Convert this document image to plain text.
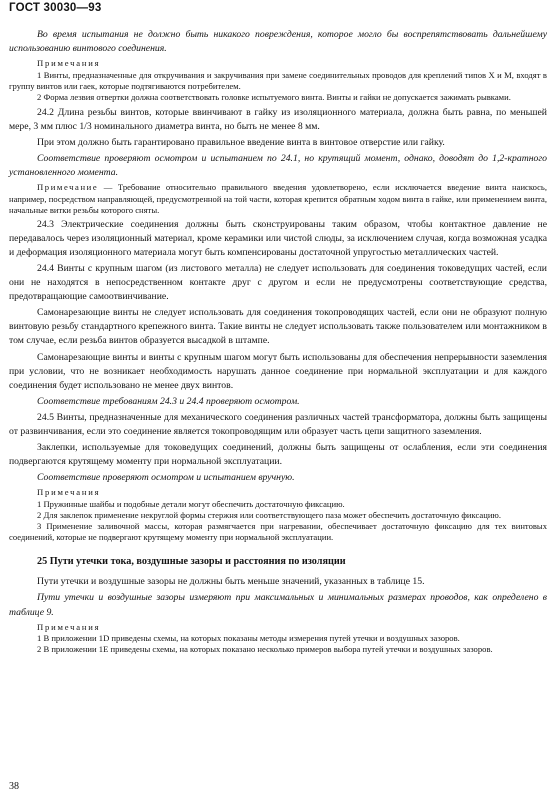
ГОСТ 30030—93

Во время испытания не должно быть никакого повреждения, которое могло бы воспрепятствовать дальнейшему использованию винтового соединения.

Примечания
1 Винты, предназначенные для откручивания и закручивания при замене соединительных проводов для креплений типов X и M, входят в группу винтов или гаек, которые подтягиваются потребителем.
2 Форма лезвия отвертки должна соответствовать головке испытуемого винта. Винты и гайки не допускается зажимать рывками.

24.2 Длина резьбы винтов, которые ввинчивают в гайку из изоляционного материала, должна быть равна, по меньшей мере, 3 мм плюс 1/3 номинального диаметра винта, но быть не менее 8 мм.

При этом должно быть гарантировано правильное введение винта в винтовое отверстие или гайку.

Соответствие проверяют осмотром и испытанием по 24.1, но крутящий момент, однако, доводят до 1,2-кратного установленного момента.

Примечание — Требование относительно правильного введения удовлетворено, если исключается введение винта наискось, например, посредством направляющей, предусмотренной на той части, которая крепится обратным ходом винта в гайке, или применением винта, начальные витки резьбы которого сняты.

24.3 Электрические соединения должны быть сконструированы таким образом, чтобы контактное давление не передавалось через изоляционный материал, кроме керамики или чистой слюды, за исключением случая, когда возможная усадка и деформация изоляционного материала могут быть компенсированы достаточной упругостью металлических частей.

24.4 Винты с крупным шагом (из листового металла) не следует использовать для соединения токоведущих частей, если они не находятся в непосредственном контакте друг с другом и если не предусмотрены соответствующие средства, предотвращающие самоотвинчивание.

Самонарезающие винты не следует использовать для соединения токопроводящих частей, если они не образуют полную винтовую резьбу стандартного крепежного винта. Такие винты не следует использовать также пользователем или монтажником в том случае, если резьба винтов образуется высадкой в штампе.

Самонарезающие винты и винты с крупным шагом могут быть использованы для обеспечения непрерывности заземления при условии, что не возникает необходимость нарушать данное соединение при нормальной эксплуатации и для каждого соединения будет использовано не менее двух винтов.

Соответствие требованиям 24.3 и 24.4 проверяют осмотром.

24.5 Винты, предназначенные для механического соединения различных частей трансформатора, должны быть защищены от развинчивания, если это соединение является токопроводящим или образует часть цепи защитного заземления.

Заклепки, используемые для токоведущих соединений, должны быть защищены от ослабления, если эти соединения подвергаются крутящему моменту при нормальной эксплуатации.

Соответствие проверяют осмотром и испытанием вручную.

Примечания
1 Пружинные шайбы и подобные детали могут обеспечить достаточную фиксацию.
2 Для заклепок применение некруглой формы стержня или соответствующего паза может обеспечить достаточную фиксацию.
3 Применение заливочной массы, которая размягчается при нагревании, обеспечивает достаточную фиксацию для тех винтовых соединений, которые не подвергают крутящему моменту при нормальной эксплуатации.
25 Пути утечки тока, воздушные зазоры и расстояния по изоляции

Пути утечки и воздушные зазоры не должны быть меньше значений, указанных в таблице 15.

Пути утечки и воздушные зазоры измеряют при максимальных и минимальных размерах проводов, как определено в таблице 9.

Примечания
1 В приложении 1D приведены схемы, на которых показаны методы измерения путей утечки и воздушных зазоров.
2 В приложении 1E приведены схемы, на которых показано несколько примеров выбора путей утечки и воздушных зазоров.
38
